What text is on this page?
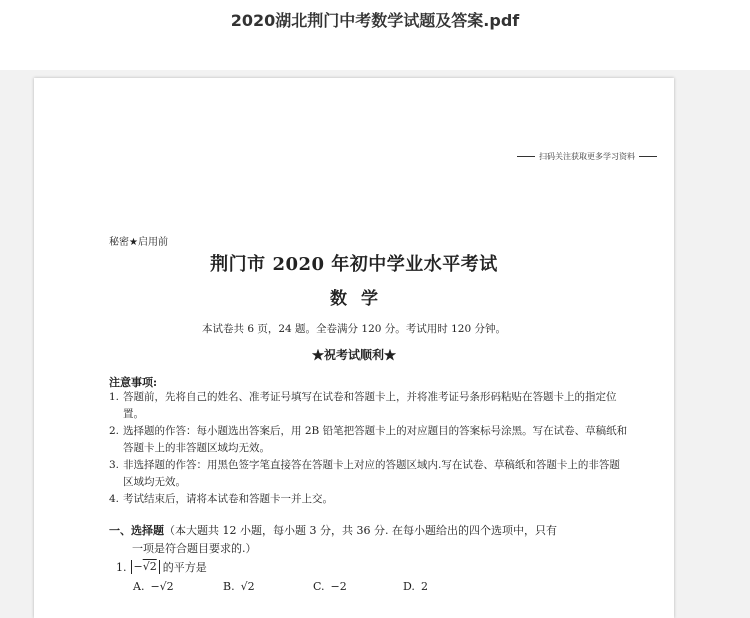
2020湖北荆门中考数学试题及答案.pdf
扫码关注获取更多学习资料
秘密★启用前
荆门市 2020 年初中学业水平考试
数学
本试卷共 6 页，24 题。全卷满分 120 分。考试用时 120 分钟。
★祝考试顺利★
注意事项:
1. 答题前，先将自己的姓名、准考证号填写在试卷和答题卡上，并将准考证号条形码粘贴在答题卡上的指定位置。
2. 选择题的作答：每小题选出答案后，用 2B 铅笔把答题卡上的对应题目的答案标号涂黑。写在试卷、草稿纸和答题卡上的非答题区域均无效。
3. 非选择题的作答：用黑色签字笔直接答在答题卡上对应的答题区域内.写在试卷、草稿纸和答题卡上的非答题区域均无效。
4. 考试结束后，请将本试卷和答题卡一并上交。
一、选择题（本大题共 12 小题，每小题 3 分，共 36 分. 在每小题给出的四个选项中，只有
一项是符合题目要求的.）
1. −√2 的平方是
A. −√2	B. √2	C. −2	D. 2
